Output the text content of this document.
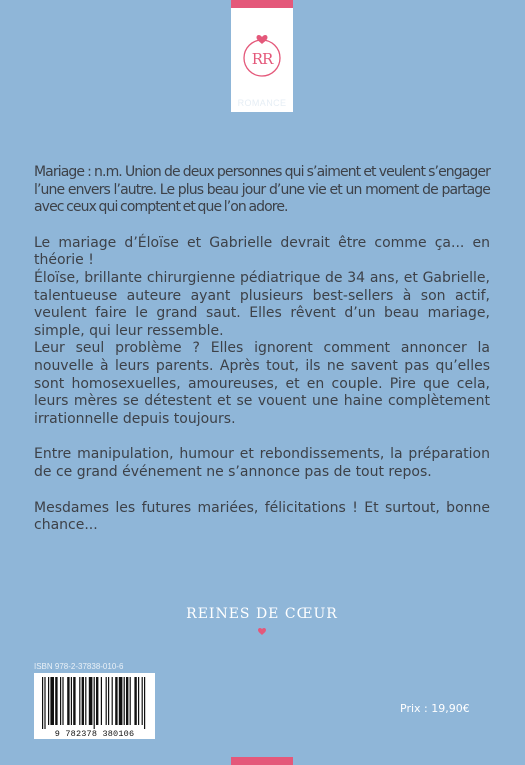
RR
ROMANCE

Mariage : n.m. Union de deux personnes qui s’aiment et veulent s’engager l’une envers l’autre. Le plus beau jour d’une vie et un moment de partage avec ceux qui comptent et que l’on adore.

Le mariage d’Éloïse et Gabrielle devrait être comme ça... en théorie !

Éloïse, brillante chirurgienne pédiatrique de 34 ans, et Gabrielle, talentueuse auteure ayant plusieurs best-sellers à son actif, veulent faire le grand saut. Elles rêvent d’un beau mariage, simple, qui leur ressemble.

Leur seul problème ? Elles ignorent comment annoncer la nouvelle à leurs parents. Après tout, ils ne savent pas qu’elles sont homosexuelles, amoureuses, et en couple. Pire que cela, leurs mères se détestent et se vouent une haine complètement irrationnelle depuis toujours.

Entre manipulation, humour et rebondissements, la préparation de ce grand événement ne s’annonce pas de tout repos.

Mesdames les futures mariées, félicitations ! Et surtout, bonne chance...

REINES DE CŒUR
ISBN 978-2-37838-010-6
9 782378 380106
Prix : 19,90€
